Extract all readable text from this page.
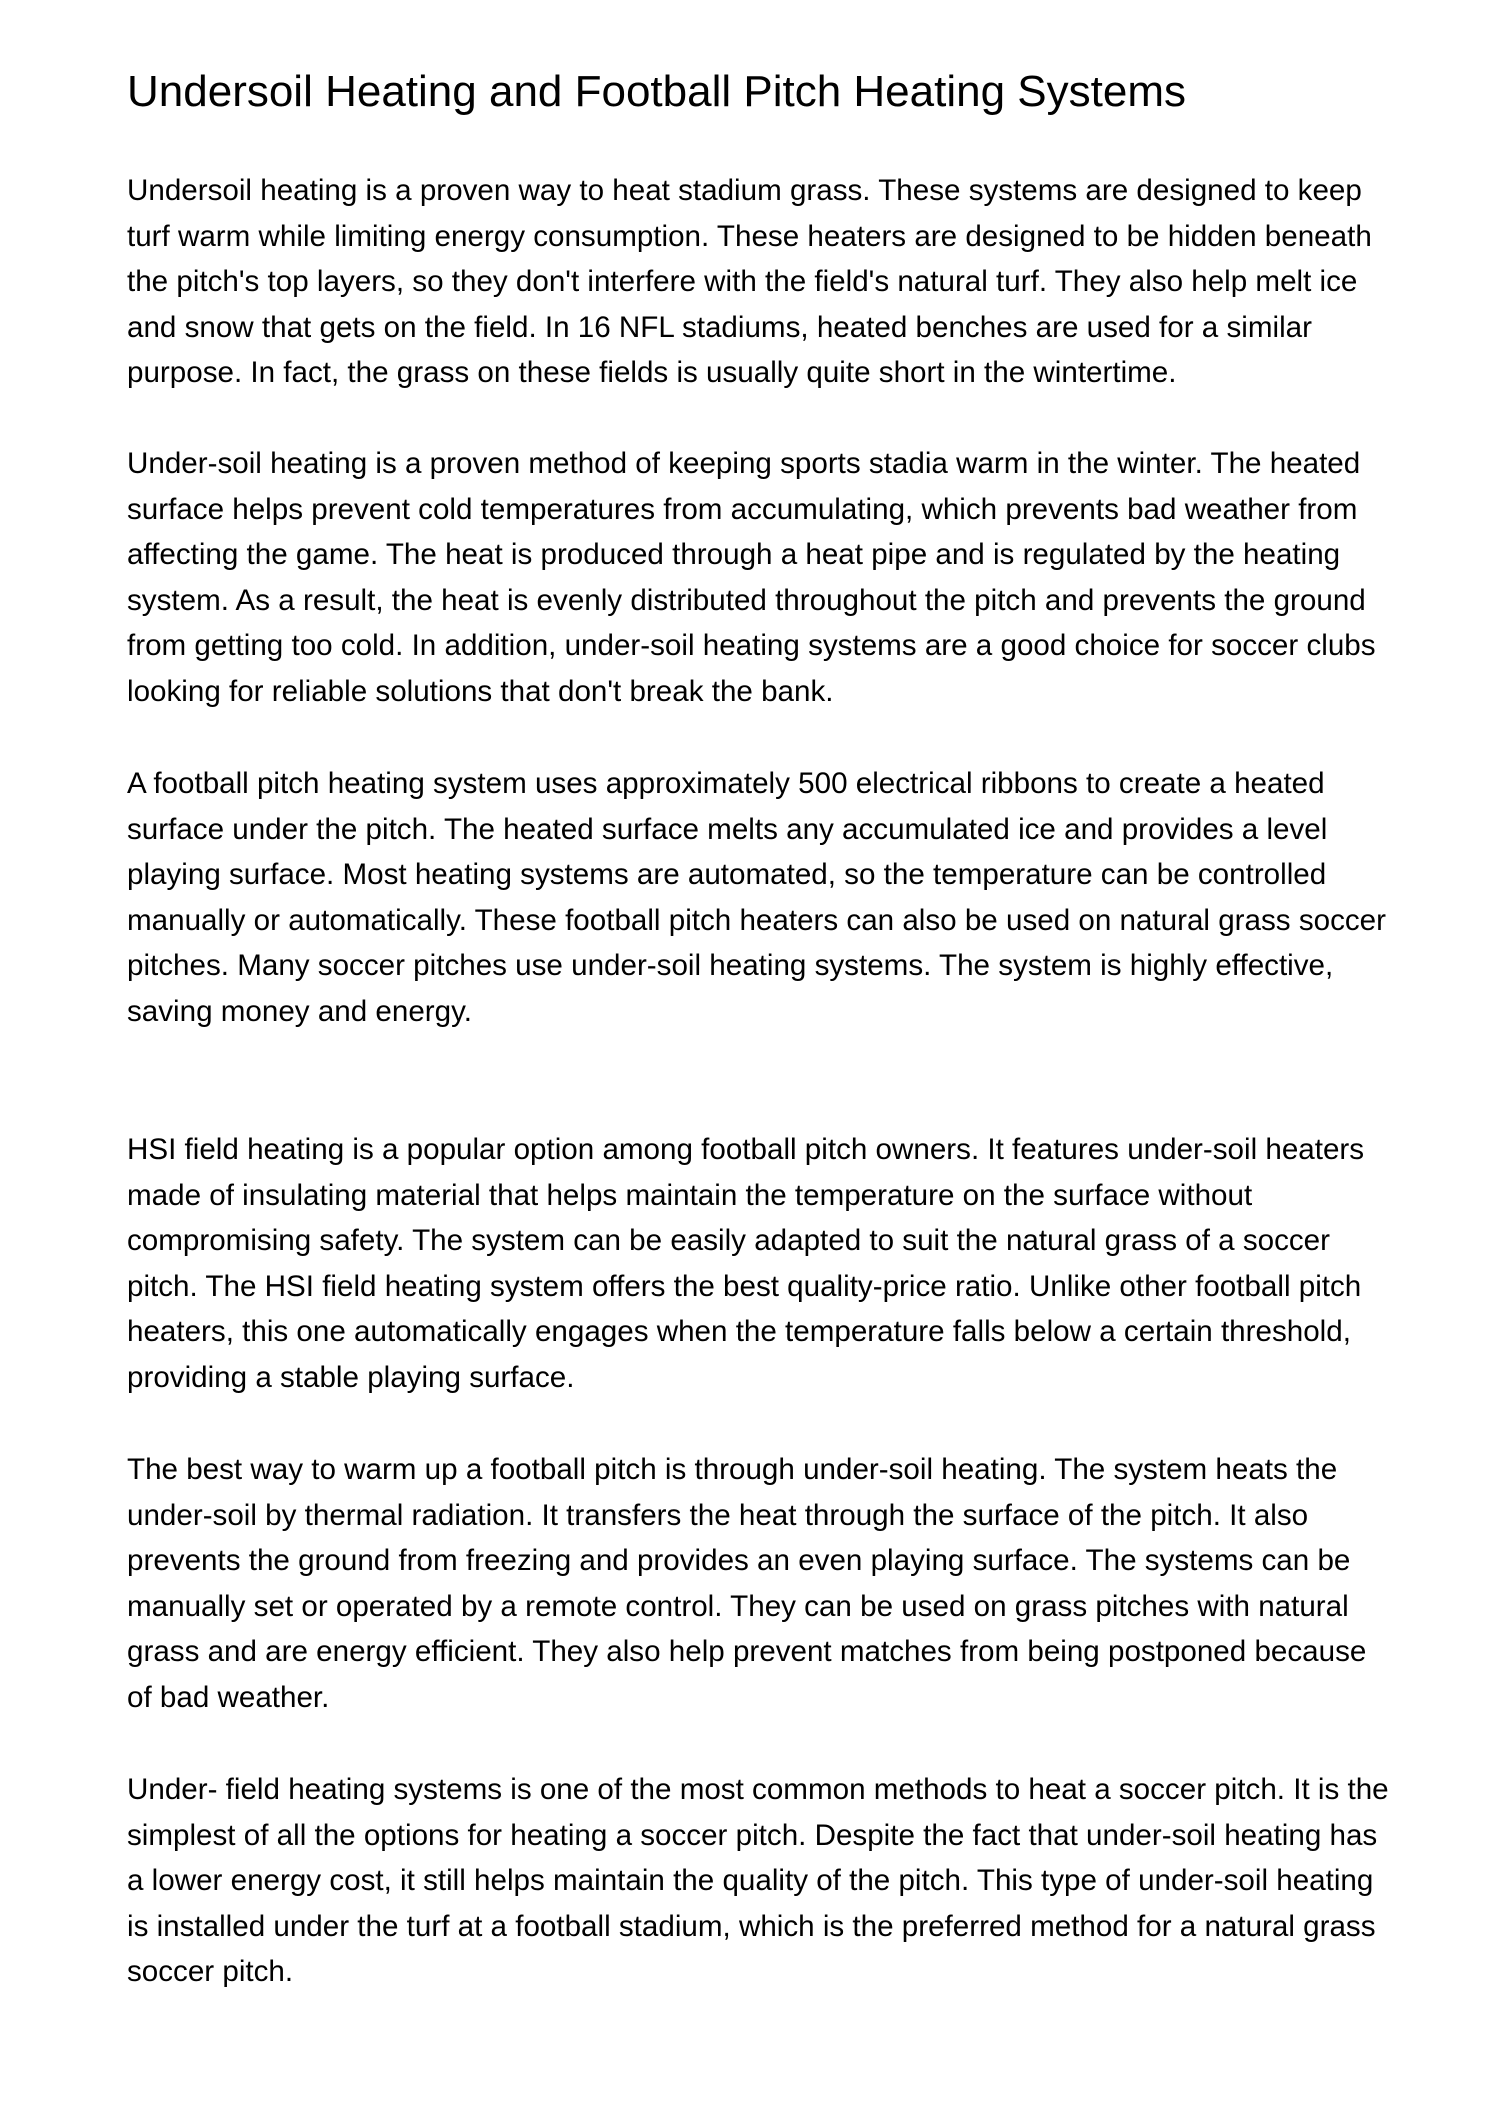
Undersoil Heating and Football Pitch Heating Systems

Undersoil heating is a proven way to heat stadium grass. These systems are designed to keep turf warm while limiting energy consumption. These heaters are designed to be hidden beneath the pitch's top layers, so they don't interfere with the field's natural turf. They also help melt ice and snow that gets on the field. In 16 NFL stadiums, heated benches are used for a similar purpose. In fact, the grass on these fields is usually quite short in the wintertime.

Under-soil heating is a proven method of keeping sports stadia warm in the winter. The heated surface helps prevent cold temperatures from accumulating, which prevents bad weather from affecting the game. The heat is produced through a heat pipe and is regulated by the heating system. As a result, the heat is evenly distributed throughout the pitch and prevents the ground from getting too cold. In addition, under-soil heating systems are a good choice for soccer clubs looking for reliable solutions that don't break the bank.

A football pitch heating system uses approximately 500 electrical ribbons to create a heated surface under the pitch. The heated surface melts any accumulated ice and provides a level playing surface. Most heating systems are automated, so the temperature can be controlled manually or automatically. These football pitch heaters can also be used on natural grass soccer pitches. Many soccer pitches use under-soil heating systems. The system is highly effective, saving money and energy.

HSI field heating is a popular option among football pitch owners. It features under-soil heaters made of insulating material that helps maintain the temperature on the surface without compromising safety. The system can be easily adapted to suit the natural grass of a soccer pitch. The HSI field heating system offers the best quality-price ratio. Unlike other football pitch heaters, this one automatically engages when the temperature falls below a certain threshold, providing a stable playing surface.

The best way to warm up a football pitch is through under-soil heating. The system heats the under-soil by thermal radiation. It transfers the heat through the surface of the pitch. It also prevents the ground from freezing and provides an even playing surface. The systems can be manually set or operated by a remote control. They can be used on grass pitches with natural grass and are energy efficient. They also help prevent matches from being postponed because of bad weather.

Under- field heating systems is one of the most common methods to heat a soccer pitch. It is the simplest of all the options for heating a soccer pitch. Despite the fact that under-soil heating has a lower energy cost, it still helps maintain the quality of the pitch. This type of under-soil heating is installed under the turf at a football stadium, which is the preferred method for a natural grass soccer pitch.
